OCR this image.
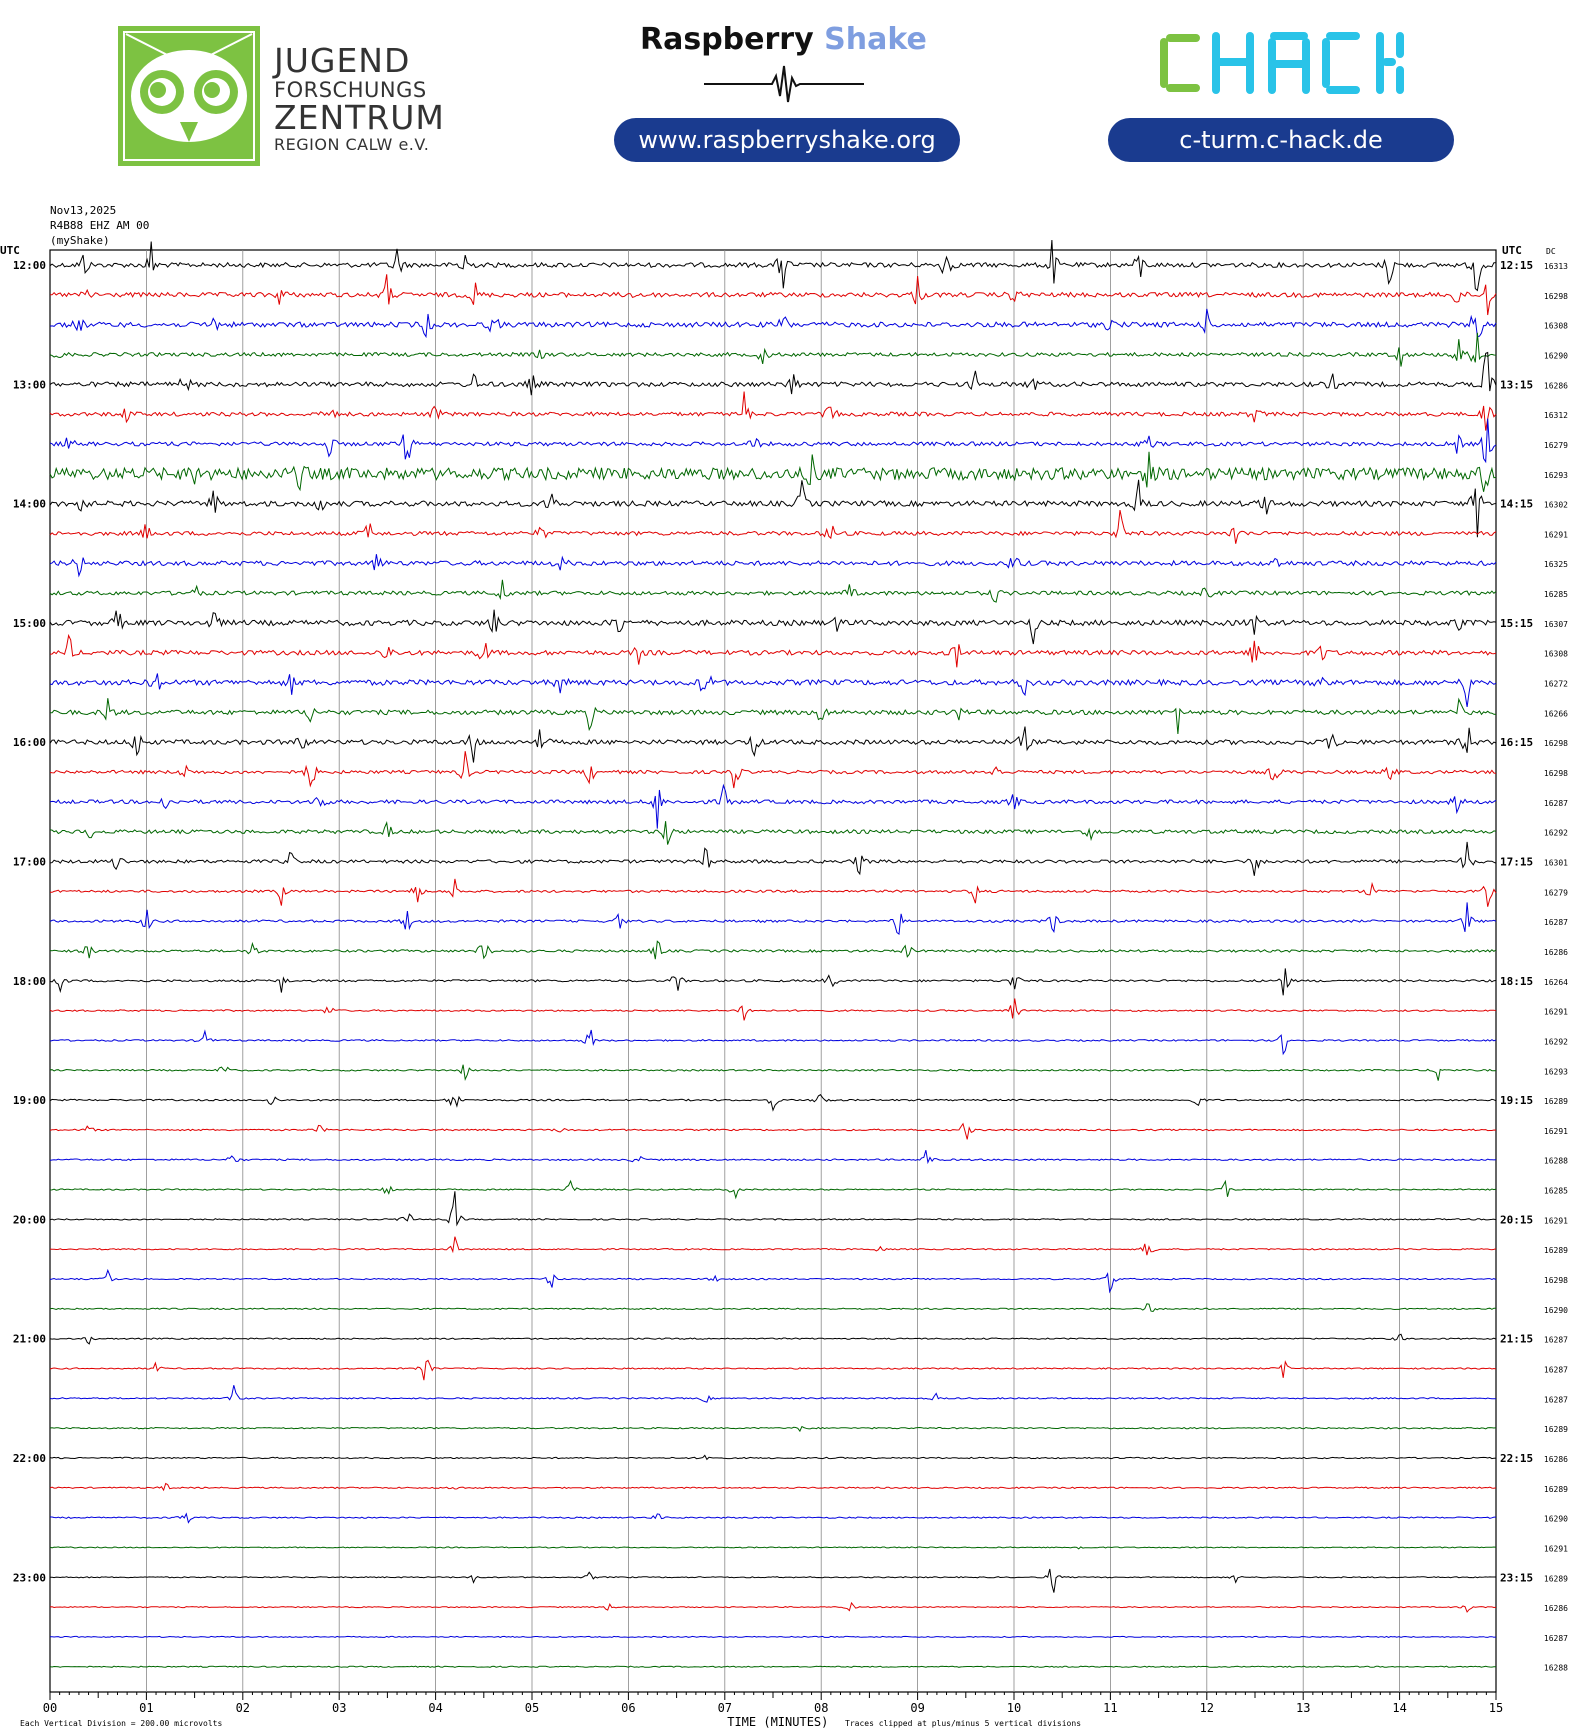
JUGEND
FORSCHUNGS
ZENTRUM
REGION CALW e.V.
Raspberry Shake
www.raspberryshake.org	c-turm.c-hack.de
Nov13,2025
R4B88 EHZ AM 00
(myShake)
12:00	12:15 16313
16298
16308
16290
13:00	13:15 16286
16312
16279
16293
14:00	14:15 16302
16291
16325
16285
15:00	15:15 16307
16308
16272
16266
16:00	16:15 16298
16298
16287
16292
17:00	17:15 16301
16279
16287
16286
18:00	18:15 16264
16291
16292
16293
19:00	19:15 16289
16291
16288
16285
20:00	20:15 16291
16289
16298
16290
21:00	21:15 16287
16287
16287
16289
22:00	22:15 16286
16289
16290
16291
23:00	23:15 16289
16286
16287
16288
UTC	UTC	DC
00	01	02	03	04	05	06	07	08	09	10	11	12	13	14	15
TIME (MINUTES)
Each Vertical Division = 200.00 microvolts	Traces clipped at plus/minus 5 vertical divisions
